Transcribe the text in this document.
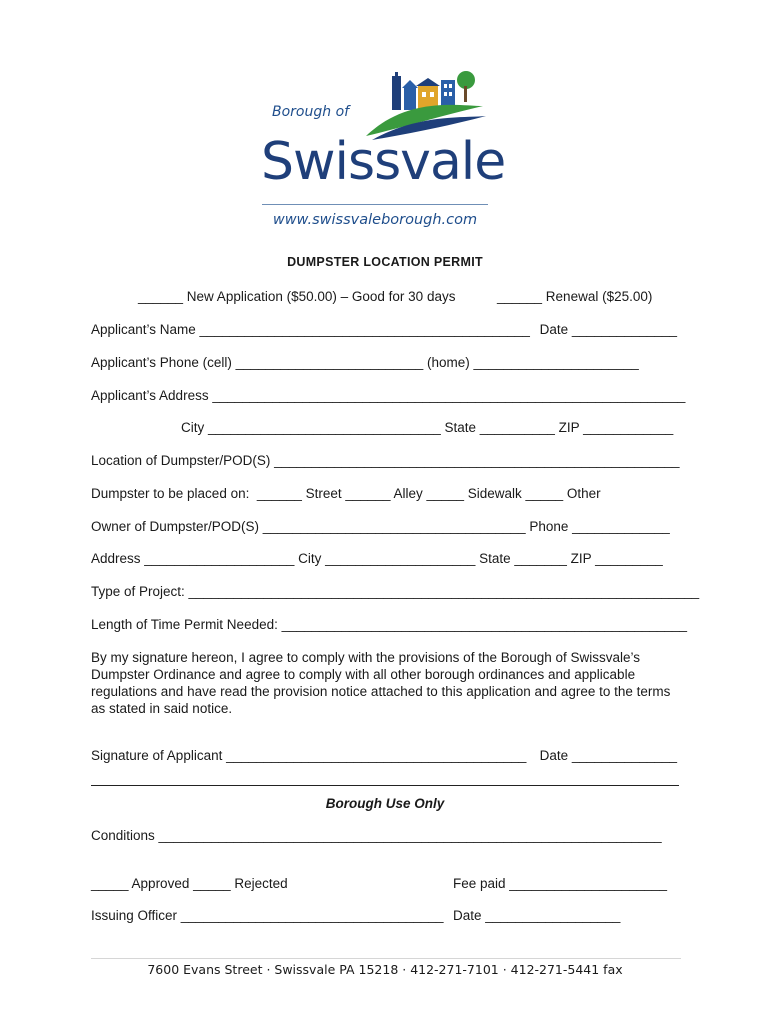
Borough of
Swissvale
www.swissvaleborough.com
DUMPSTER LOCATION PERMIT
______ New Application ($50.00) – Good for 30 days	______ Renewal ($25.00)
Applicant’s Name ____________________________________________ Date ______________
Applicant’s Phone (cell) _________________________ (home) ______________________
Applicant’s Address _______________________________________________________________
City _______________________________ State __________ ZIP ____________
Location of Dumpster/POD(S) ______________________________________________________
Dumpster to be placed on:  ______ Street ______ Alley _____ Sidewalk _____ Other
Owner of Dumpster/POD(S) ___________________________________ Phone _____________
Address ____________________ City ____________________ State _______ ZIP _________
Type of Project: ____________________________________________________________________
Length of Time Permit Needed: ______________________________________________________
By my signature hereon, I agree to comply with the provisions of the Borough of Swissvale’s Dumpster Ordinance and agree to comply with all other borough ordinances and applicable regulations and have read the provision notice attached to this application and agree to the terms as stated in said notice.
Signature of Applicant ________________________________________ Date ______________
Borough Use Only
Conditions ___________________________________________________________________
_____ Approved _____ Rejected	Fee paid _____________________
Issuing Officer ___________________________________ Date __________________
7600 Evans Street · Swissvale PA 15218 · 412-271-7101 · 412-271-5441 fax
